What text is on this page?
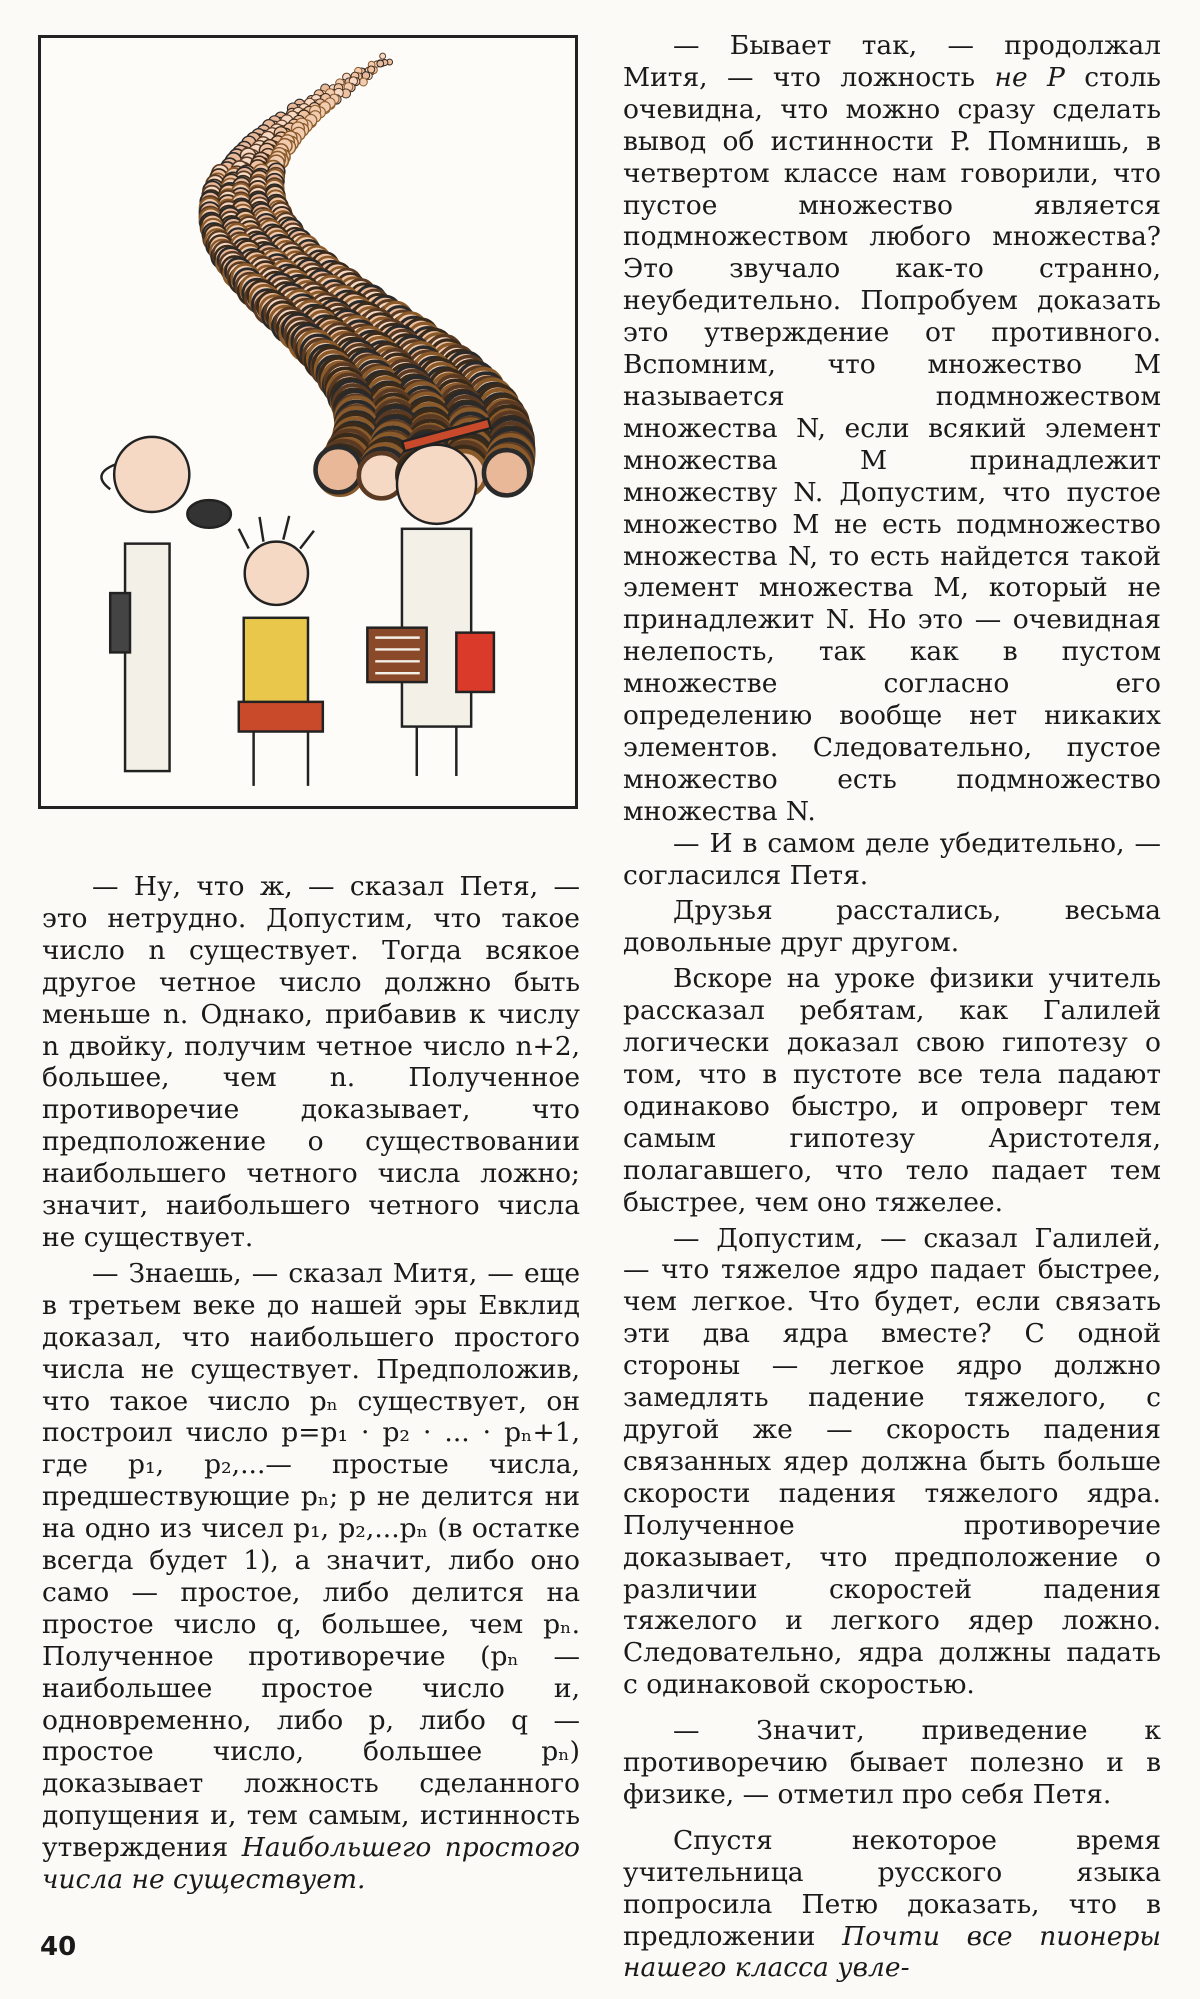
— Ну, что ж, — сказал Петя, — это нетрудно. Допустим, что такое число n существует. Тогда всякое другое четное число должно быть меньше n. Однако, прибавив к числу n двойку, получим четное число n+2, большее, чем n. Полученное противоречие доказывает, что предположение о существовании наибольшего четного числа ложно; значит, наибольшего четного числа не существует.

— Знаешь, — сказал Митя, — еще в третьем веке до нашей эры Евклид доказал, что наибольшего простого числа не существует. Предположив, что такое число pₙ существует, он построил число p=p₁ · p₂ · ... · pₙ+1, где p₁, p₂,...— простые числа, предшествующие pₙ; p не делится ни на одно из чисел p₁, p₂,...pₙ (в остатке всегда будет 1), а значит, либо оно само — простое, либо делится на простое число q, большее, чем pₙ. Полученное противоречие (pₙ — наибольшее простое число и, одновременно, либо p, либо q — простое число, большее pₙ) доказывает ложность сделанного допущения и, тем самым, истинность утверждения Наибольшего простого числа не существует.

— Бывает так, — продолжал Митя, — что ложность не P столь очевидна, что можно сразу сделать вывод об истинности P. Помнишь, в четвертом классе нам говорили, что пустое множество является подмножеством любого множества? Это звучало как-то странно, неубедительно. Попробуем доказать это утверждение от противного. Вспомним, что множество M называется подмножеством множества N, если всякий элемент множества M принадлежит множеству N. Допустим, что пустое множество M не есть подмножество множества N, то есть найдется такой элемент множества M, который не принадлежит N. Но это — очевидная нелепость, так как в пустом множестве согласно его определению вообще нет никаких элементов. Следовательно, пустое множество есть подмножество множества N.

— И в самом деле убедительно, — согласился Петя.

Друзья расстались, весьма довольные друг другом.

Вскоре на уроке физики учитель рассказал ребятам, как Галилей логически доказал свою гипотезу о том, что в пустоте все тела падают одинаково быстро, и опроверг тем самым гипотезу Аристотеля, полагавшего, что тело падает тем быстрее, чем оно тяжелее.

— Допустим, — сказал Галилей, — что тяжелое ядро падает быстрее, чем легкое. Что будет, если связать эти два ядра вместе? С одной стороны — легкое ядро должно замедлять падение тяжелого, с другой же — скорость падения связанных ядер должна быть больше скорости падения тяжелого ядра. Полученное противоречие доказывает, что предположение о различии скоростей падения тяжелого и легкого ядер ложно. Следовательно, ядра должны падать с одинаковой скоростью.

— Значит, приведение к противоречию бывает полезно и в физике, — отметил про себя Петя.

Спустя некоторое время учительница русского языка попросила Петю доказать, что в предложении Почти все пионеры нашего класса увле-

40
